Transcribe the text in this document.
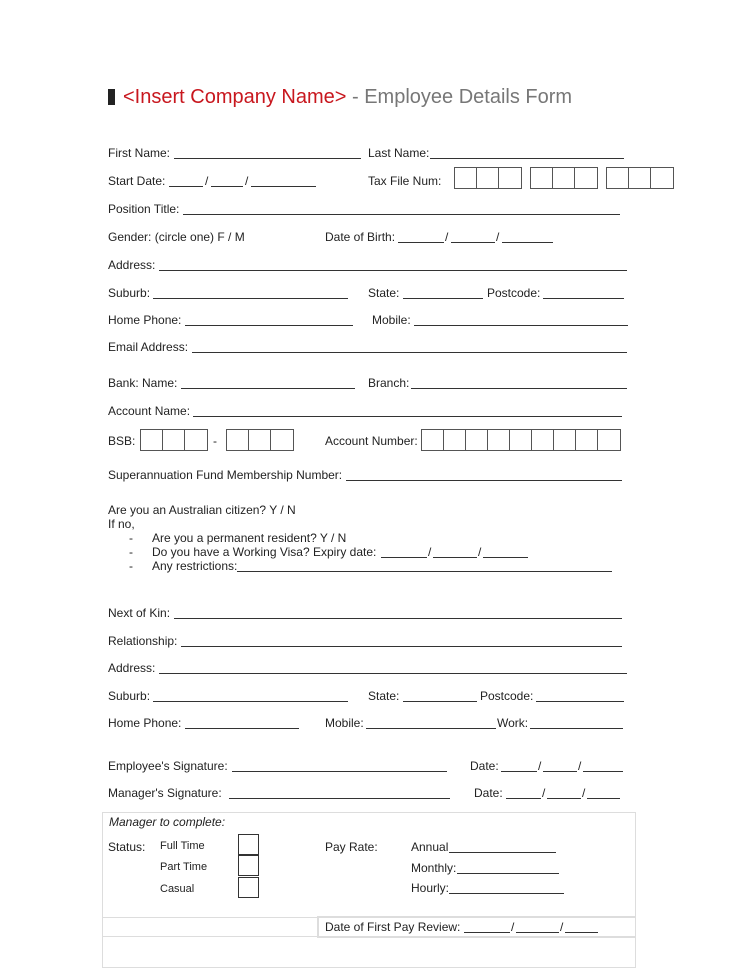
<Insert Company Name> - Employee Details Form
First Name:	Last Name:
Start Date:	/	/	Tax File Num:
Position Title:
Gender: (circle one) F / M	Date of Birth:	/	/
Address:
Suburb:	State:	Postcode:
Home Phone:	Mobile:
Email Address:
Bank: Name:	Branch:
Account Name:
BSB:	-	Account Number:
Superannuation Fund Membership Number:
Are you an Australian citizen? Y / N
If no,
- Are you a permanent resident? Y / N
- Do you have a Working Visa? Expiry date:	/	/
- Any restrictions:
Next of Kin:
Relationship:
Address:
Suburb:	State:	Postcode:
Home Phone:	Mobile:	Work:
Employee's Signature:	Date:	/	/
Manager's Signature:	Date:	/	/
Manager to complete:
Status: Full Time
Part Time
Casual
Pay Rate:	Annual
Monthly:
Hourly:
Date of First Pay Review:	/	/
